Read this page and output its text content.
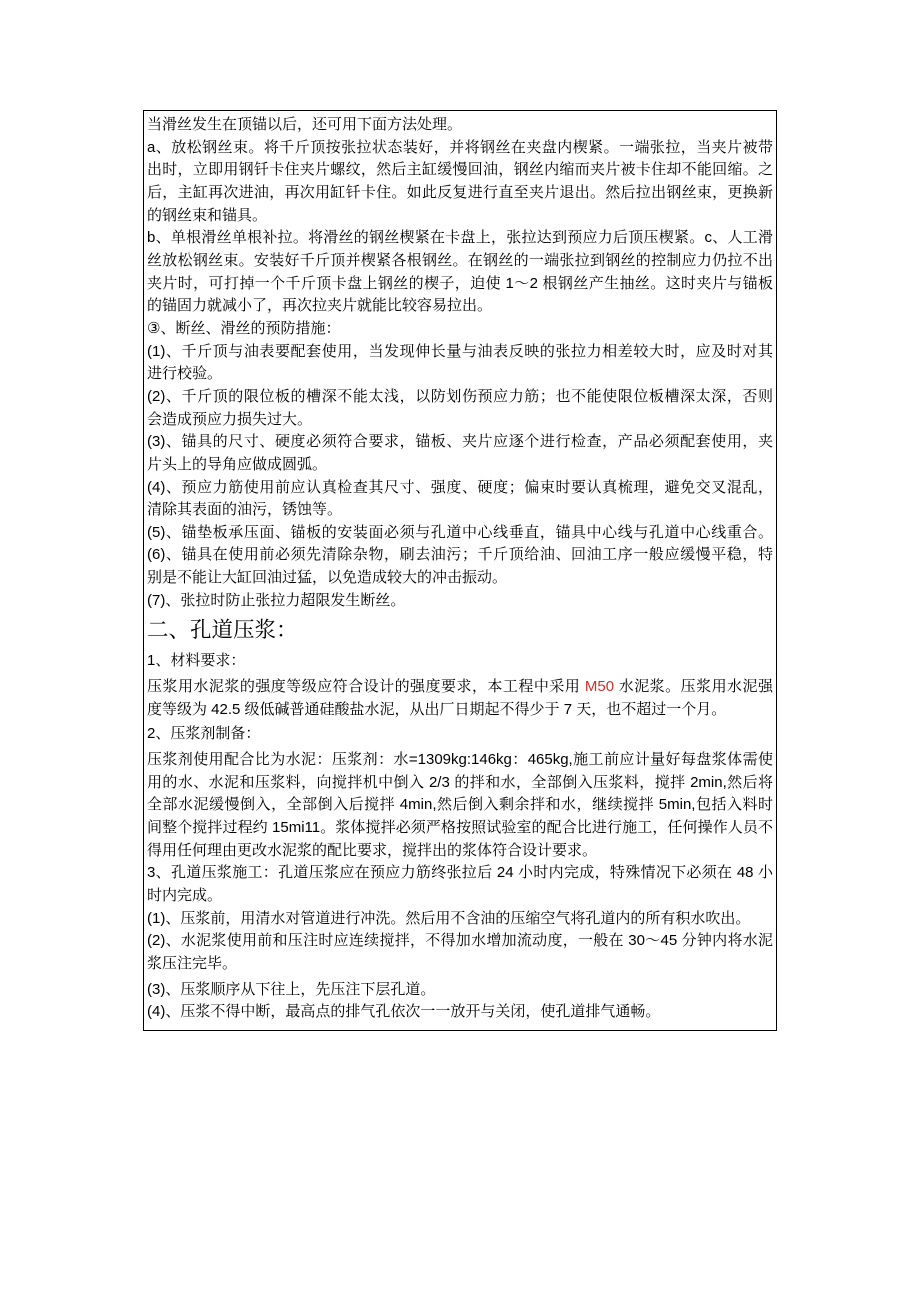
当滑丝发生在顶锚以后，还可用下面方法处理。
a、放松钢丝束。将千斤顶按张拉状态装好，并将钢丝在夹盘内楔紧。一端张拉，当夹片被带
出时，立即用钢钎卡住夹片螺纹，然后主缸缓慢回油，钢丝内缩而夹片被卡住却不能回缩。之
后，主缸再次进油，再次用缸钎卡住。如此反复进行直至夹片退出。然后拉出钢丝束，更换新
的钢丝束和锚具。
b、单根滑丝单根补拉。将滑丝的钢丝楔紧在卡盘上，张拉达到预应力后顶压楔紧。c、人工滑
丝放松钢丝束。安装好千斤顶并楔紧各根钢丝。在钢丝的一端张拉到钢丝的控制应力仍拉不出
夹片时，可打掉一个千斤顶卡盘上钢丝的楔子，迫使 1～2 根钢丝产生抽丝。这时夹片与锚板
的锚固力就减小了，再次拉夹片就能比较容易拉出。
③、断丝、滑丝的预防措施：
(1)、千斤顶与油表要配套使用，当发现伸长量与油表反映的张拉力相差较大时，应及时对其
进行校验。
(2)、千斤顶的限位板的槽深不能太浅，以防划伤预应力筋；也不能使限位板槽深太深，否则
会造成预应力损失过大。
(3)、锚具的尺寸、硬度必须符合要求，锚板、夹片应逐个进行检查，产品必须配套使用，夹
片头上的导角应做成圆弧。
(4)、预应力筋使用前应认真检查其尺寸、强度、硬度；偏束时要认真梳理，避免交叉混乱，
清除其表面的油污，锈蚀等。
(5)、锚垫板承压面、锚板的安装面必须与孔道中心线垂直，锚具中心线与孔道中心线重合。
(6)、锚具在使用前必须先清除杂物，刷去油污；千斤顶给油、回油工序一般应缓慢平稳，特
别是不能让大缸回油过猛，以免造成较大的冲击振动。
(7)、张拉时防止张拉力超限发生断丝。
二、孔道压浆：
1、材料要求：
压浆用水泥浆的强度等级应符合设计的强度要求，本工程中采用 M50 水泥浆。压浆用水泥强
度等级为 42.5 级低碱普通硅酸盐水泥，从出厂日期起不得少于 7 天，也不超过一个月。
2、压浆剂制备：
压浆剂使用配合比为水泥：压浆剂：水=1309kg:146kg：465kg,施工前应计量好每盘浆体需使
用的水、水泥和压浆料，向搅拌机中倒入 2/3 的拌和水，全部倒入压浆料，搅拌 2min,然后将
全部水泥缓慢倒入，全部倒入后搅拌 4min,然后倒入剩余拌和水，继续搅拌 5min,包括入料时
间整个搅拌过程约 15mi11。浆体搅拌必须严格按照试验室的配合比进行施工，任何操作人员不
得用任何理由更改水泥浆的配比要求，搅拌出的浆体符合设计要求。
3、孔道压浆施工：孔道压浆应在预应力筋终张拉后 24 小时内完成，特殊情况下必须在 48 小
时内完成。
(1)、压浆前，用清水对管道进行冲洗。然后用不含油的压缩空气将孔道内的所有积水吹出。
(2)、水泥浆使用前和压注时应连续搅拌，不得加水增加流动度，一般在 30～45 分钟内将水泥
浆压注完毕。
(3)、压浆顺序从下往上，先压注下层孔道。
(4)、压浆不得中断，最高点的排气孔依次一一放开与关闭，使孔道排气通畅。
